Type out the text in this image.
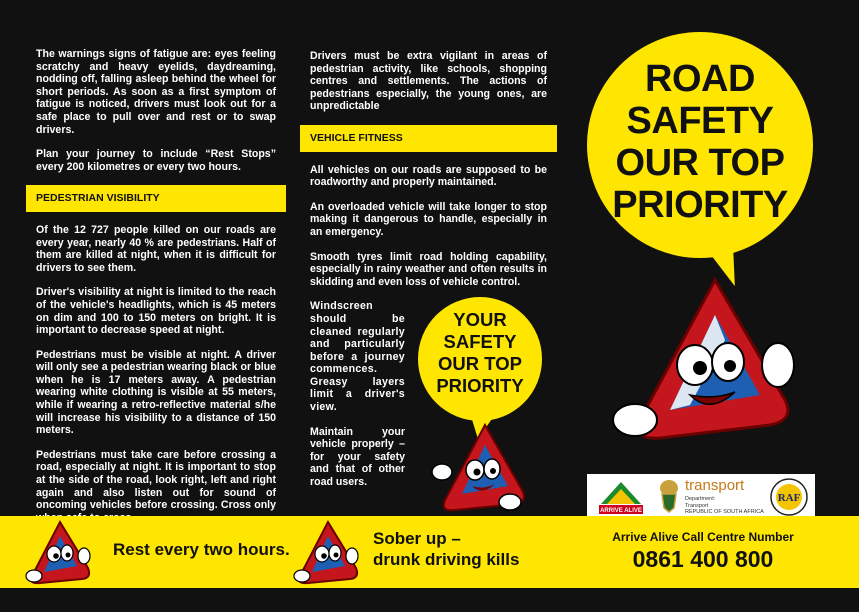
The warnings signs of fatigue are: eyes feeling scratchy and heavy eyelids, daydreaming, nodding off, falling asleep behind the wheel for short periods. As soon as a first symptom of fatigue is noticed, drivers must look out for a safe place to pull over and rest or to swap drivers.

Plan your journey to include “Rest Stops” every 200 kilometres or every two hours.

PEDESTRIAN VISIBILITY

Of the 12 727 people killed on our roads are every year, nearly 40 % are pedestrians. Half of them are killed at night, when it is difficult for drivers to see them.

Driver's visibility at night is limited to the reach of the vehicle's headlights, which is 45 meters on dim and 100 to 150 meters on bright. It is important to decrease speed at night.

Pedestrians must be visible at night. A driver will only see a pedestrian wearing black or blue when he is 17 meters away. A pedestrian wearing white clothing is visible at 55 meters, while if wearing a retro-reflective material s/he will increase his visibility to a distance of 150 meters.

Pedestrians must take care before crossing a road, especially at night. It is important to stop at the side of the road, look right, left and right again and also listen out for sound of oncoming vehicles before crossing. Cross only

Drivers must be extra vigilant in areas of pedestrian activity, like schools, shopping centres and settlements. The actions of pedestrians especially, the young ones, are unpredictable

VEHICLE FITNESS

All vehicles on our roads are supposed to be roadworthy and properly maintained.

An overloaded vehicle will take longer to stop making it dangerous to handle, especially in an emergency.

Smooth tyres limit road holding capability, especially in rainy weather and often results in skidding and even loss of vehicle control.

Windscreen should be cleaned regularly and particularly before a journey commences. Greasy layers limit a driver's view.

Maintain your vehicle properly – for your safety and that of other road users.

ROAD
SAFETY
OUR TOP
PRIORITY
YOUR
SAFETY
OUR TOP
PRIORITY
ARRIVE ALIVE
transport
Department:
Transport
REPUBLIC OF SOUTH AFRICA
RAF
Rest every two hours.
Sober up –
drunk driving kills
Arrive Alive Call Centre Number
0861 400 800
